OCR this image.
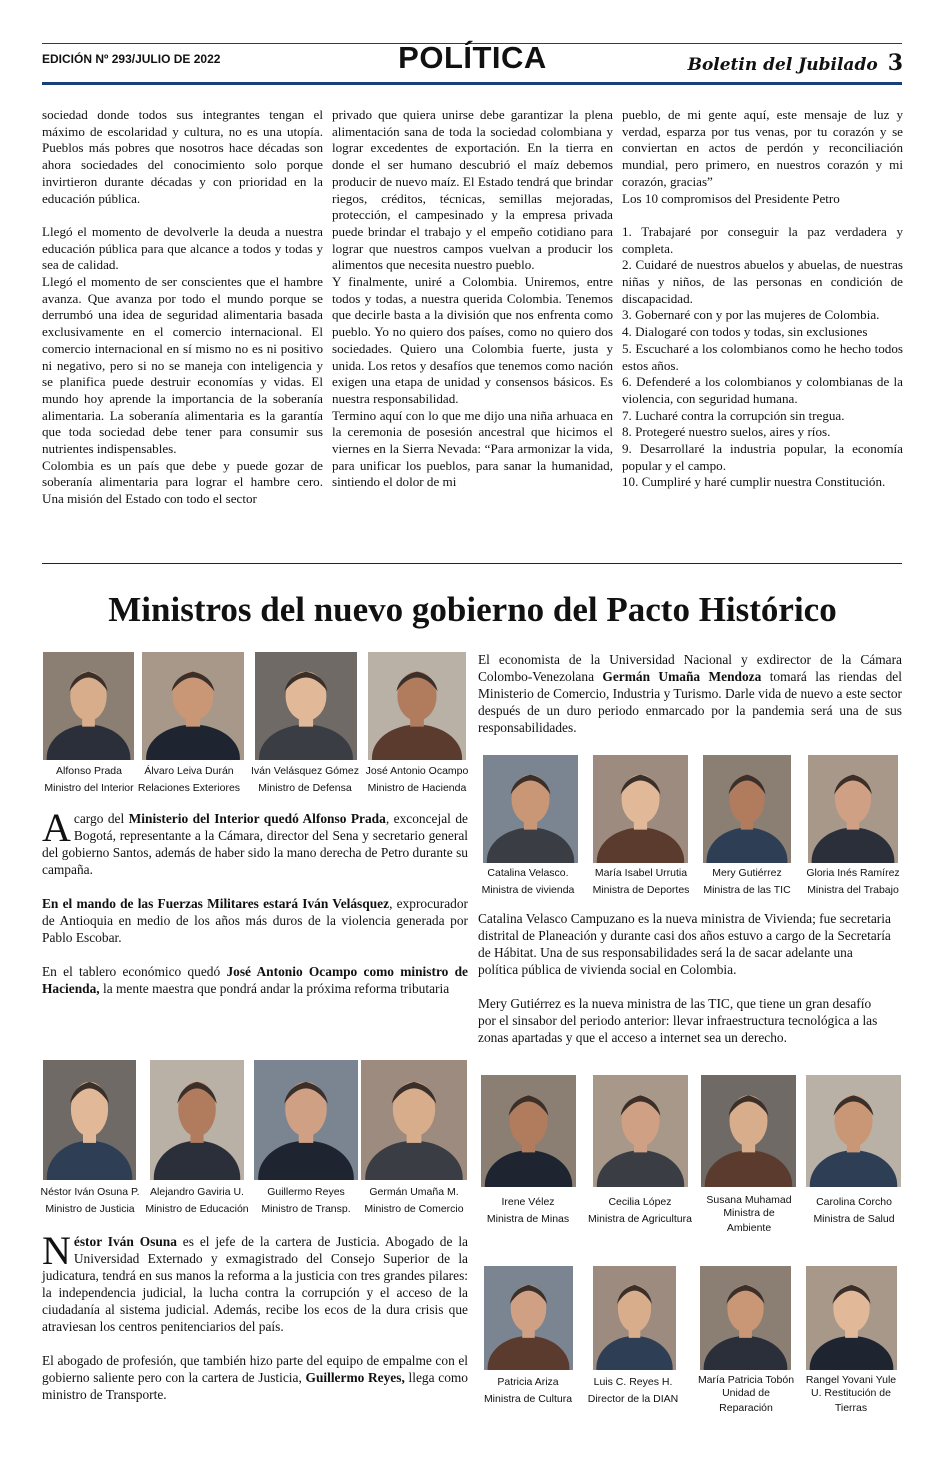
EDICIÓN Nº 293/JULIO DE 2022	POLÍTICA	Boletin del Jubilado 3

sociedad donde todos sus integrantes tengan el máximo de escolaridad y cultura, no es una utopía. Pueblos más pobres que nosotros hace décadas son ahora sociedades del conocimiento solo porque invirtieron durante décadas y con prioridad en la educación pública.

Llegó el momento de devolverle la deuda a nuestra educación pública para que alcance a todos y todas y sea de calidad.

Llegó el momento de ser conscientes que el hambre avanza. Que avanza por todo el mundo porque se derrumbó una idea de seguridad alimentaria basada exclusivamente en el comercio internacional. El comercio internacional en sí mismo no es ni positivo ni negativo, pero si no se maneja con inteligencia y se planifica puede destruir economías y vidas. El mundo hoy aprende la importancia de la soberanía alimentaria. La soberanía alimentaria es la garantía que toda sociedad debe tener para consumir sus nutrientes indispensables.

Colombia es un país que debe y puede gozar de soberanía alimentaria para lograr el hambre cero. Una misión del Estado con todo el sector

privado que quiera unirse debe garantizar la plena alimentación sana de toda la sociedad colombiana y lograr excedentes de exportación. En la tierra en donde el ser humano descubrió el maíz debemos producir de nuevo maíz. El Estado tendrá que brindar riegos, créditos, técnicas, semillas mejoradas, protección, el campesinado y la empresa privada puede brindar el trabajo y el empeño cotidiano para lograr que nuestros campos vuelvan a producir los alimentos que necesita nuestro pueblo.

Y finalmente, uniré a Colombia. Uniremos, entre todos y todas, a nuestra querida Colombia. Tenemos que decirle basta a la división que nos enfrenta como pueblo. Yo no quiero dos países, como no quiero dos sociedades. Quiero una Colombia fuerte, justa y unida. Los retos y desafíos que tenemos como nación exigen una etapa de unidad y consensos básicos. Es nuestra responsabilidad.

Termino aquí con lo que me dijo una niña arhuaca en la ceremonia de posesión ancestral que hicimos el viernes en la Sierra Nevada: “Para armonizar la vida, para unificar los pueblos, para sanar la humanidad, sintiendo el dolor de mi

pueblo, de mi gente aquí, este mensaje de luz y verdad, esparza por tus venas, por tu corazón y se conviertan en actos de perdón y reconciliación mundial, pero primero, en nuestros corazón y mi corazón, gracias”

Los 10 compromisos del Presidente Petro

1. Trabajaré por conseguir la paz verdadera y completa.

2. Cuidaré de nuestros abuelos y abuelas, de nuestras niñas y niños, de las personas en condición de discapacidad.

3. Gobernaré con y por las mujeres de Colombia.

4. Dialogaré con todos y todas, sin exclusiones

5. Escucharé a los colombianos como he hecho todos estos años.

6. Defenderé a los colombianos y colombianas de la violencia, con seguridad humana.

7. Lucharé contra la corrupción sin tregua.

8. Protegeré nuestro suelos, aires y ríos.

9. Desarrollaré la industria popular, la economía popular y el campo.

10. Cumpliré y haré cumplir nuestra Constitución.

Ministros del nuevo gobierno del Pacto Histórico
Alfonso Prada
Ministro del Interior
Álvaro Leiva Durán
Relaciones Exteriores
Iván Velásquez Gómez
Ministro de Defensa
José Antonio Ocampo
Ministro de Hacienda
Catalina Velasco.
Ministra de vivienda
María Isabel Urrutia
Ministra de Deportes
Mery Gutiérrez
Ministra de las TIC
Gloria Inés Ramírez
Ministra del Trabajo
Néstor Iván Osuna P.
Ministro de Justicia
Alejandro Gaviria U.
Ministro de Educación
Guillermo Reyes
Ministro de Transp.
Germán Umaña M.
Ministro de Comercio
Irene Vélez
Ministra de Minas
Cecilia López
Ministra de Agricultura
Susana Muhamad
Ministra de
Ambiente
Carolina Corcho
Ministra de Salud
Patricia Ariza
Ministra de Cultura
Luis C. Reyes H.
Director de la DIAN
María Patricia Tobón
Unidad de
Reparación
Rangel Yovani Yule
U. Restitución de
Tierras

A cargo del Ministerio del Interior quedó Alfonso Prada, exconcejal de Bogotá, representante a la Cámara, director del Sena y secretario general del gobierno Santos, además de haber sido la mano derecha de Petro durante su campaña.

En el mando de las Fuerzas Militares estará Iván Velásquez, exprocurador de Antioquia en medio de los años más duros de la violencia generada por Pablo Escobar.

En el tablero económico quedó José Antonio Ocampo como ministro de Hacienda, la mente maestra que pondrá andar la próxima reforma tributaria

El economista de la Universidad Nacional y exdirector de la Cámara Colombo-Venezolana Germán Umaña Mendoza tomará las riendas del Ministerio de Comercio, Industria y Turismo. Darle vida de nuevo a este sector después de un duro periodo enmarcado por la pandemia será una de sus responsabilidades.

Catalina Velasco Campuzano es la nueva ministra de Vivienda; fue secretaria distrital de Planeación y durante casi dos años estuvo a cargo de la Secretaría de Hábitat. Una de sus responsabilidades será la de sacar adelante una política pública de vivienda social en Colombia.

Mery Gutiérrez es la nueva ministra de las TIC, que tiene un gran desafío por el sinsabor del periodo anterior: llevar infraestructura tecnológica a las zonas apartadas y que el acceso a internet sea un derecho.

Néstor Iván Osuna es el jefe de la cartera de Justicia. Abogado de la Universidad Externado y exmagistrado del Consejo Superior de la judicatura, tendrá en sus manos la reforma a la justicia con tres grandes pilares: la independencia judicial, la lucha contra la corrupción y el acceso de la ciudadanía al sistema judicial. Además, recibe los ecos de la dura crisis que atraviesan los centros penitenciarios del país.

El abogado de profesión, que también hizo parte del equipo de empalme con el gobierno saliente pero con la cartera de Justicia, Guillermo Reyes, llega como ministro de Transporte.
